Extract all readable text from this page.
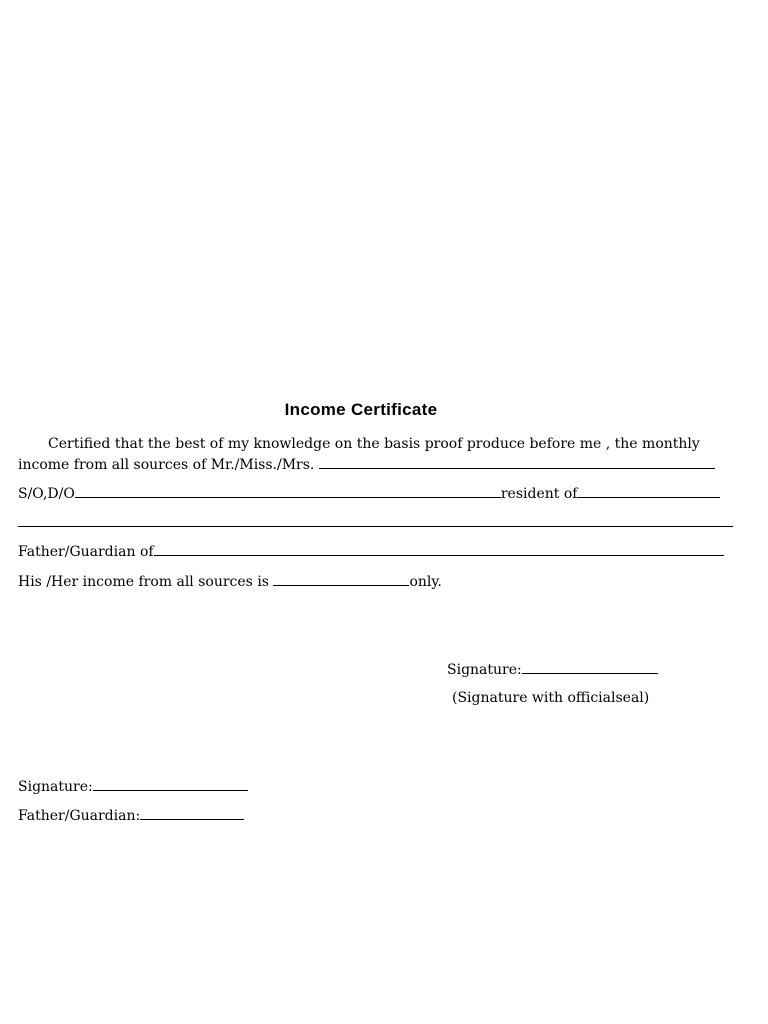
Income Certificate
Certified that the best of my knowledge on the basis proof produce before me , the monthly
income from all sources of Mr./Miss./Mrs.
S/O,D/O	resident of
Father/Guardian of
His /Her income from all sources is	only.
Signature:
(Signature with officialseal)
Signature:
Father/Guardian:
